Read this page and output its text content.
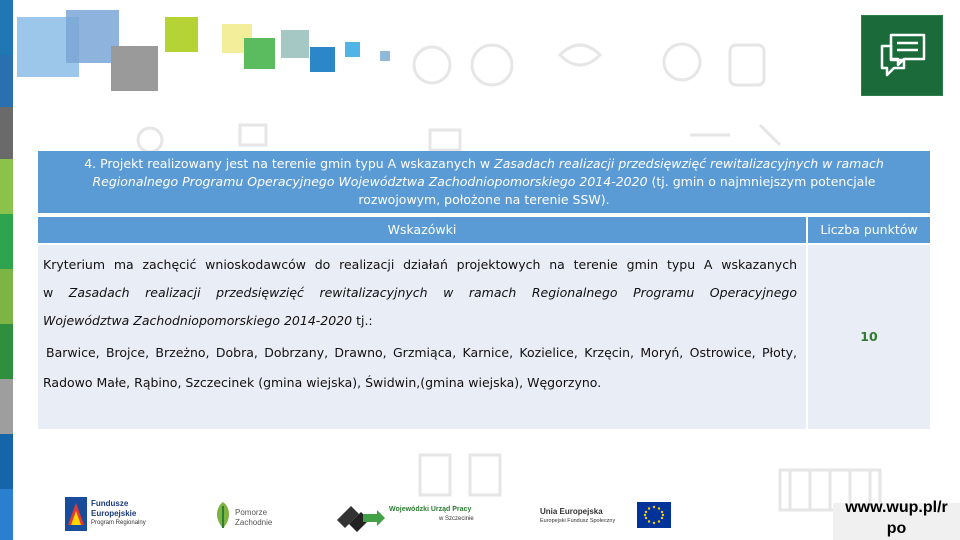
4. Projekt realizowany jest na terenie gmin typu A wskazanych w Zasadach realizacji przedsięwzięć rewitalizacyjnych w ramach
Regionalnego Programu Operacyjnego Województwa Zachodniopomorskiego 2014-2020 (tj. gmin o najmniejszym potencjale
rozwojowym, położone na terenie SSW).
Wskazówki	Liczba punktów

Kryterium ma zachęcić wnioskodawców do realizacji działań projektowych na terenie gmin typu A wskazanych

w Zasadach realizacji przedsięwzięć rewitalizacyjnych w ramach Regionalnego Programu Operacyjnego

Województwa Zachodniopomorskiego 2014-2020 tj.:

Barwice, Brojce, Brzeżno, Dobra, Dobrzany, Drawno, Grzmiąca, Karnice, Kozielice, Krzęcin, Moryń, Ostrowice, Płoty,

Radowo Małe, Rąbino, Szczecinek (gmina wiejska), Świdwin,(gmina wiejska), Węgorzyno.

10
Fundusze
Europejskie
Program Regionalny
Pomorze
Zachodnie
Wojewódzki Urząd Pracy
w Szczecinie
Unia Europejska
Europejski Fundusz Społeczny
www.wup.pl/r
po
